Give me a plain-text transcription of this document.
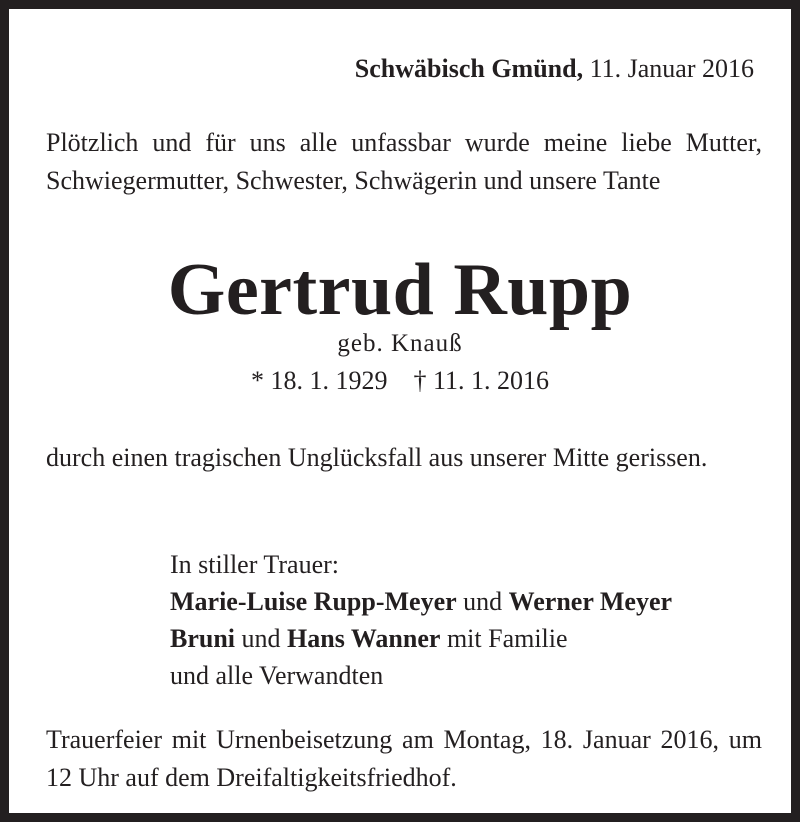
Schwäbisch Gmünd, 11. Januar 2016
Plötzlich und für uns alle unfassbar wurde meine liebe Mutter, Schwiegermutter, Schwester, Schwägerin und unsere Tante
Gertrud Rupp
geb. Knauß
* 18. 1. 1929 † 11. 1. 2016
durch einen tragischen Unglücksfall aus unserer Mitte gerissen.
In stiller Trauer:
Marie-Luise Rupp-Meyer und Werner Meyer
Bruni und Hans Wanner mit Familie
und alle Verwandten
Trauerfeier mit Urnenbeisetzung am Montag, 18. Januar 2016, um 12 Uhr auf dem Dreifaltigkeitsfriedhof.
